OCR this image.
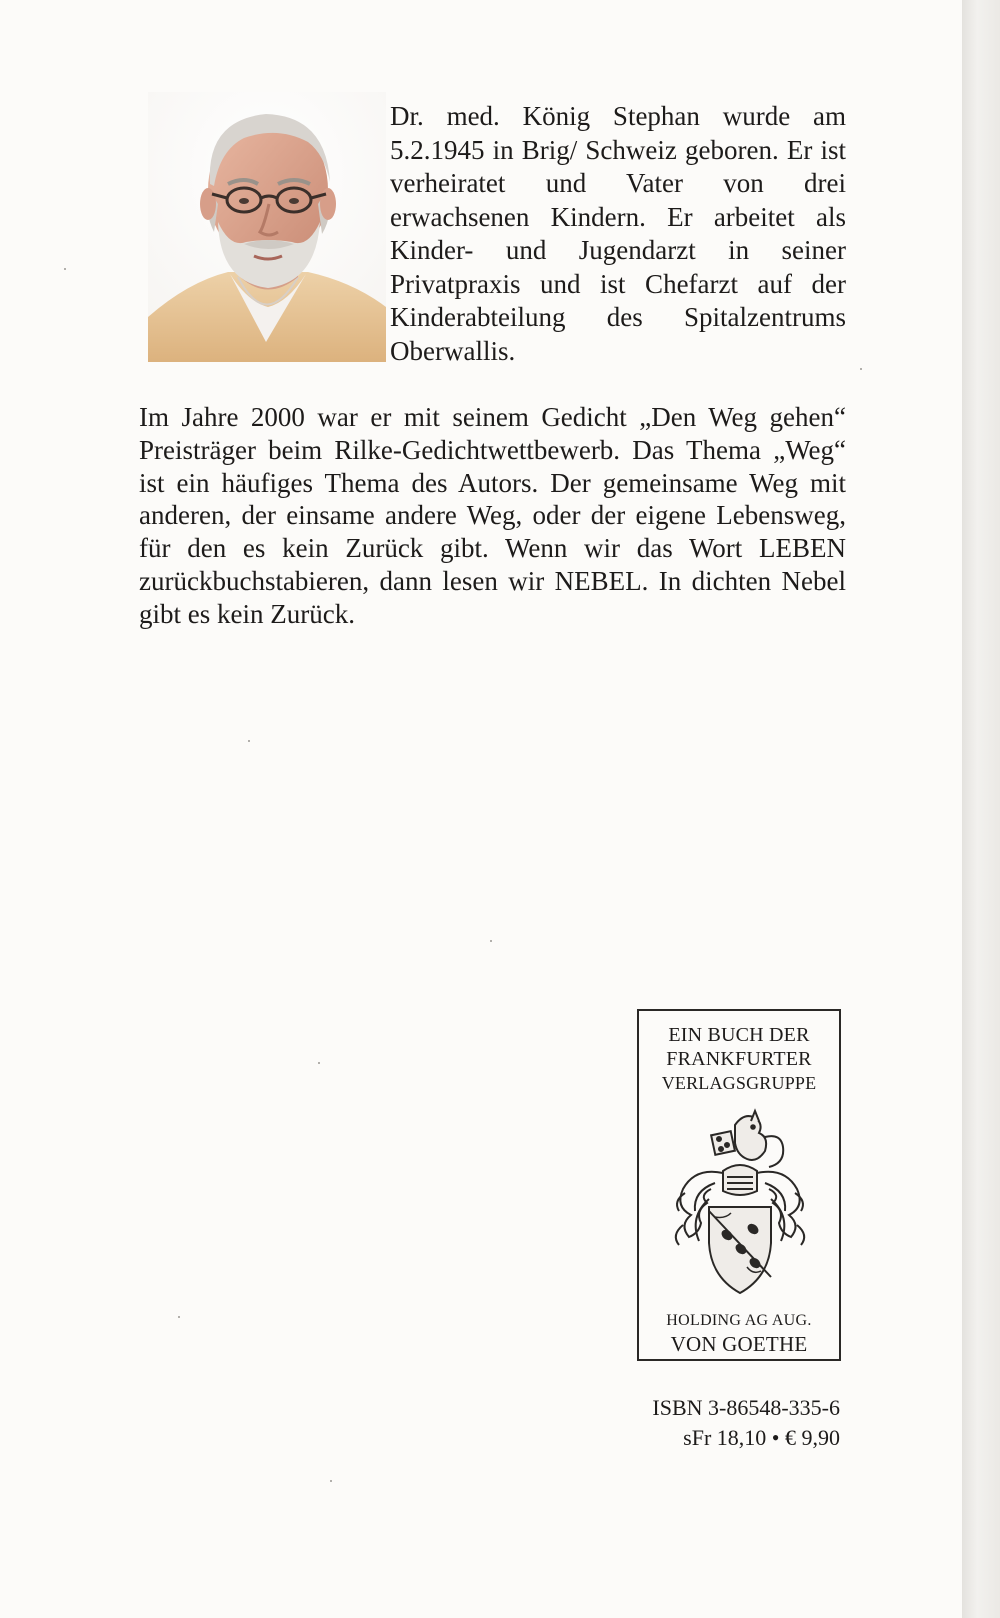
Dr. med. König Stephan wurde am 5.2.1945 in Brig/ Schweiz geboren. Er ist verheiratet und Vater von drei erwachsenen Kindern. Er arbeitet als Kinder- und Jugendarzt in seiner Privatpraxis und ist Chefarzt auf der Kinderabteilung des Spitalzentrums Oberwallis.

Im Jahre 2000 war er mit seinem Gedicht „Den Weg gehen“ Preisträger beim Rilke-Gedichtwettbewerb. Das Thema „Weg“ ist ein häufiges Thema des Autors. Der gemeinsame Weg mit anderen, der einsame andere Weg, oder der eigene Lebensweg, für den es kein Zurück gibt. Wenn wir das Wort LEBEN zurückbuchstabieren, dann lesen wir NEBEL. In dichten Nebel gibt es kein Zurück.

EIN BUCH DER
FRANKFURTER
VERLAGSGRUPPE
HOLDING AG AUG.
VON GOETHE
ISBN 3-86548-335-6
sFr 18,10 • € 9,90
